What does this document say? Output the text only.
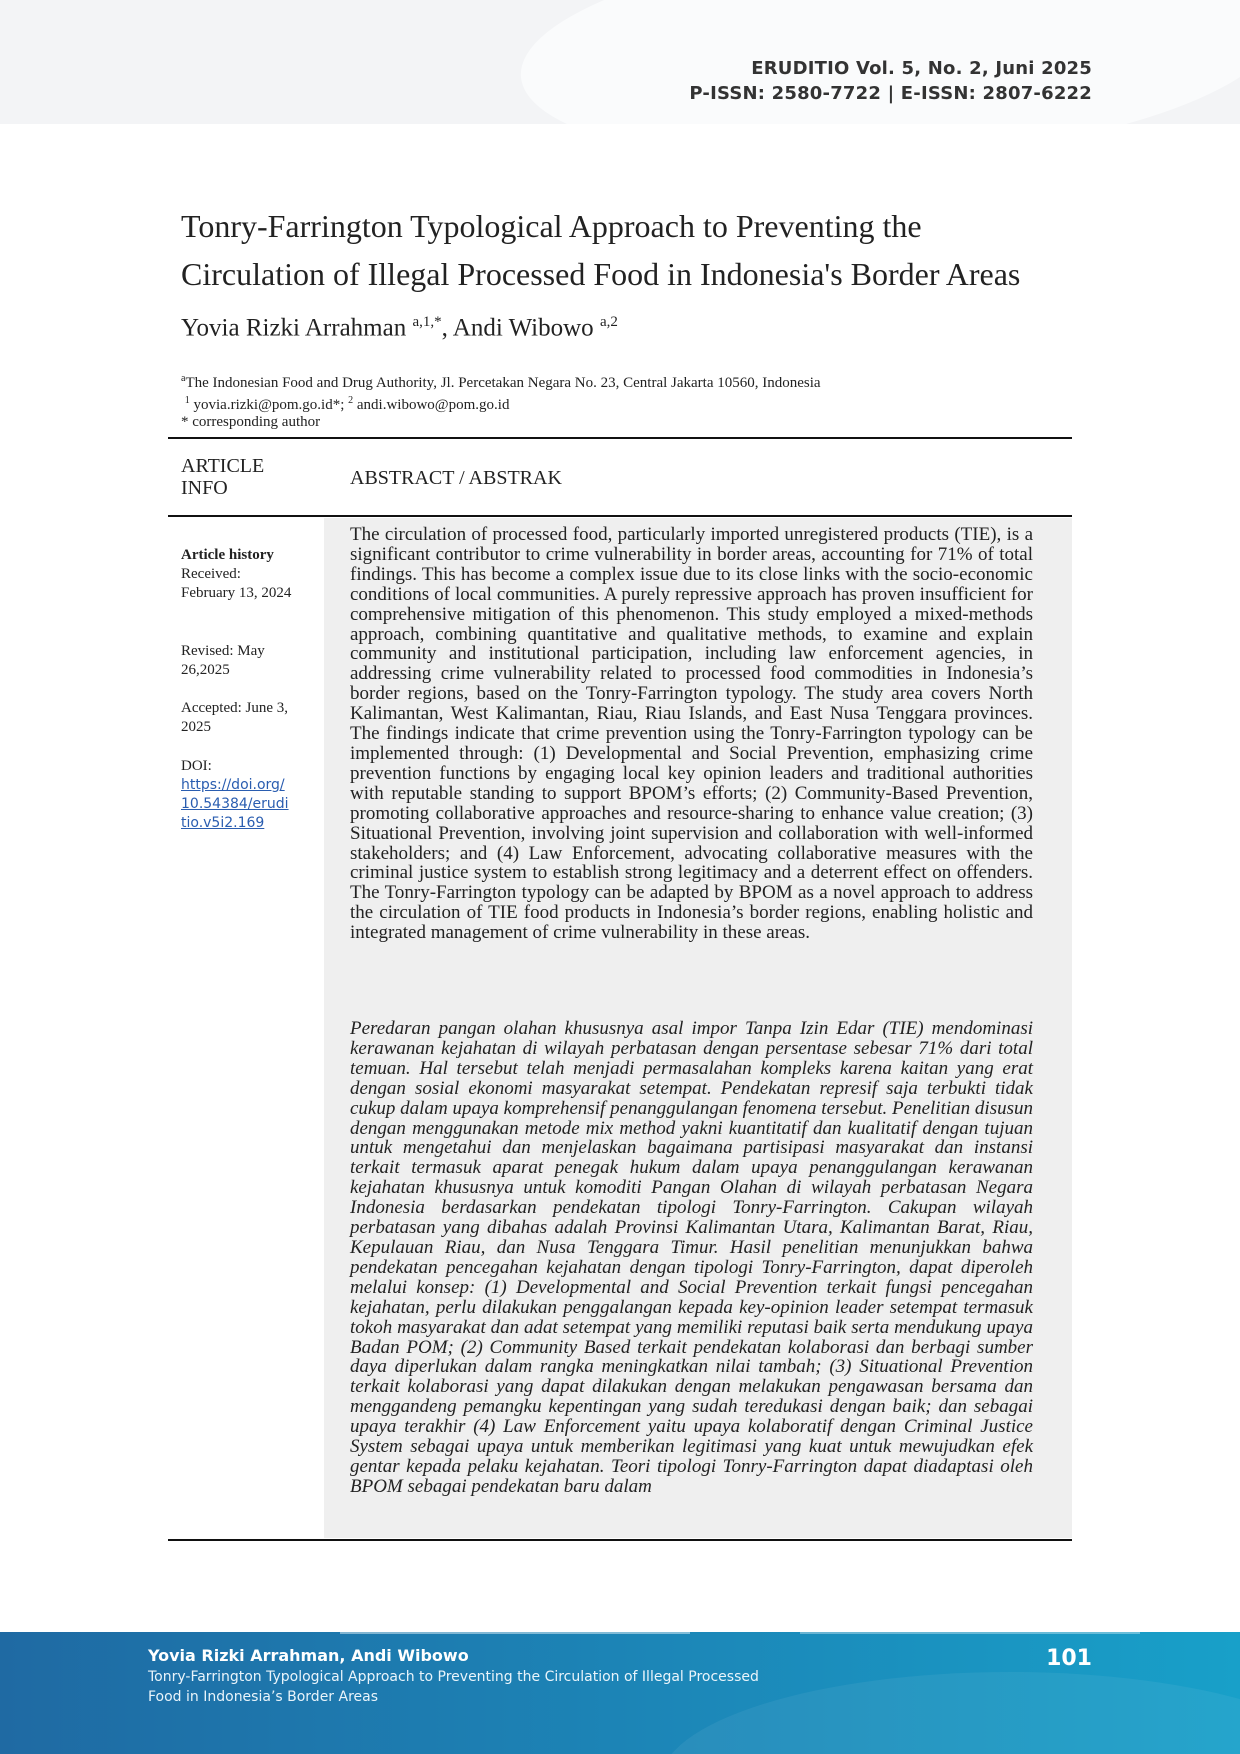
ERUDITIO Vol. 5, No. 2, Juni 2025
P-ISSN: 2580-7722 | E-ISSN: 2807-6222
Tonry-Farrington Typological Approach to Preventing the
Circulation of Illegal Processed Food in Indonesia's Border Areas
Yovia Rizki Arrahman $^{a,1,*}$, Andi Wibowo $^{a,2}$
$^a$The Indonesian Food and Drug Authority, Jl. Percetakan Negara No. 23, Central Jakarta 10560, Indonesia
$^1$ yovia.rizki@pom.go.id*; $^2$ andi.wibowo@pom.go.id
* corresponding author
ARTICLE
INFO	ABSTRACT / ABSTRAK
The circulation of processed food, particularly imported unregistered products (TIE), is a significant contributor to crime vulnerability in border areas, accounting for 71% of total findings. This has become a complex issue due to its close links with the socio-economic conditions of local communities. A purely repressive approach has proven insufficient for comprehensive mitigation of this phenomenon. This study employed a mixed-methods approach, combining quantitative and qualitative methods, to examine and explain community and institutional participation, including law enforcement agencies, in addressing crime vulnerability related to processed food commodities in Indonesia’s border regions, based on the Tonry-Farrington typology. The study area covers North Kalimantan, West Kalimantan, Riau, Riau Islands, and East Nusa Tenggara provinces. The findings indicate that crime prevention using the Tonry-Farrington typology can be implemented through: (1) Developmental and Social Prevention, emphasizing crime prevention functions by engaging local key opinion leaders and traditional authorities with reputable standing to support BPOM’s efforts; (2) Community-Based Prevention, promoting collaborative approaches and resource-sharing to enhance value creation; (3) Situational Prevention, involving joint supervision and collaboration with well-informed stakeholders; and (4) Law Enforcement, advocating collaborative measures with the criminal justice system to establish strong legitimacy and a deterrent effect on offenders. The Tonry-Farrington typology can be adapted by BPOM as a novel approach to address the circulation of TIE food products in Indonesia’s border regions, enabling holistic and integrated management of crime vulnerability in these areas.
Peredaran pangan olahan khususnya asal impor Tanpa Izin Edar (TIE) mendominasi kerawanan kejahatan di wilayah perbatasan dengan persentase sebesar 71% dari total temuan. Hal tersebut telah menjadi permasalahan kompleks karena kaitan yang erat dengan sosial ekonomi masyarakat setempat. Pendekatan represif saja terbukti tidak cukup dalam upaya komprehensif penanggulangan fenomena tersebut. Penelitian disusun dengan menggunakan metode mix method yakni kuantitatif dan kualitatif dengan tujuan untuk mengetahui dan menjelaskan bagaimana partisipasi masyarakat dan instansi terkait termasuk aparat penegak hukum dalam upaya penanggulangan kerawanan kejahatan khususnya untuk komoditi Pangan Olahan di wilayah perbatasan Negara Indonesia berdasarkan pendekatan tipologi Tonry-Farrington. Cakupan wilayah perbatasan yang dibahas adalah Provinsi Kalimantan Utara, Kalimantan Barat, Riau, Kepulauan Riau, dan Nusa Tenggara Timur. Hasil penelitian menunjukkan bahwa pendekatan pencegahan kejahatan dengan tipologi Tonry-Farrington, dapat diperoleh melalui konsep: (1) Developmental and Social Prevention terkait fungsi pencegahan kejahatan, perlu dilakukan penggalangan kepada key-opinion leader setempat termasuk tokoh masyarakat dan adat setempat yang memiliki reputasi baik serta mendukung upaya Badan POM; (2) Community Based terkait pendekatan kolaborasi dan berbagi sumber daya diperlukan dalam rangka meningkatkan nilai tambah; (3) Situational Prevention terkait kolaborasi yang dapat dilakukan dengan melakukan pengawasan bersama dan menggandeng pemangku kepentingan yang sudah teredukasi dengan baik; dan sebagai upaya terakhir (4) Law Enforcement yaitu upaya kolaboratif dengan Criminal Justice System sebagai upaya untuk memberikan legitimasi yang kuat untuk mewujudkan efek gentar kepada pelaku kejahatan. Teori tipologi Tonry-Farrington dapat diadaptasi oleh BPOM sebagai pendekatan baru dalam
Article history
Received:
February 13, 2024
Revised: May 26,2025
Accepted: June 3, 2025
DOI:
https://doi.org/10.54384/eruditio.v5i2.169
Yovia Rizki Arrahman, Andi Wibowo
Tonry-Farrington Typological Approach to Preventing the Circulation of Illegal Processed Food in Indonesia’s Border Areas
101
